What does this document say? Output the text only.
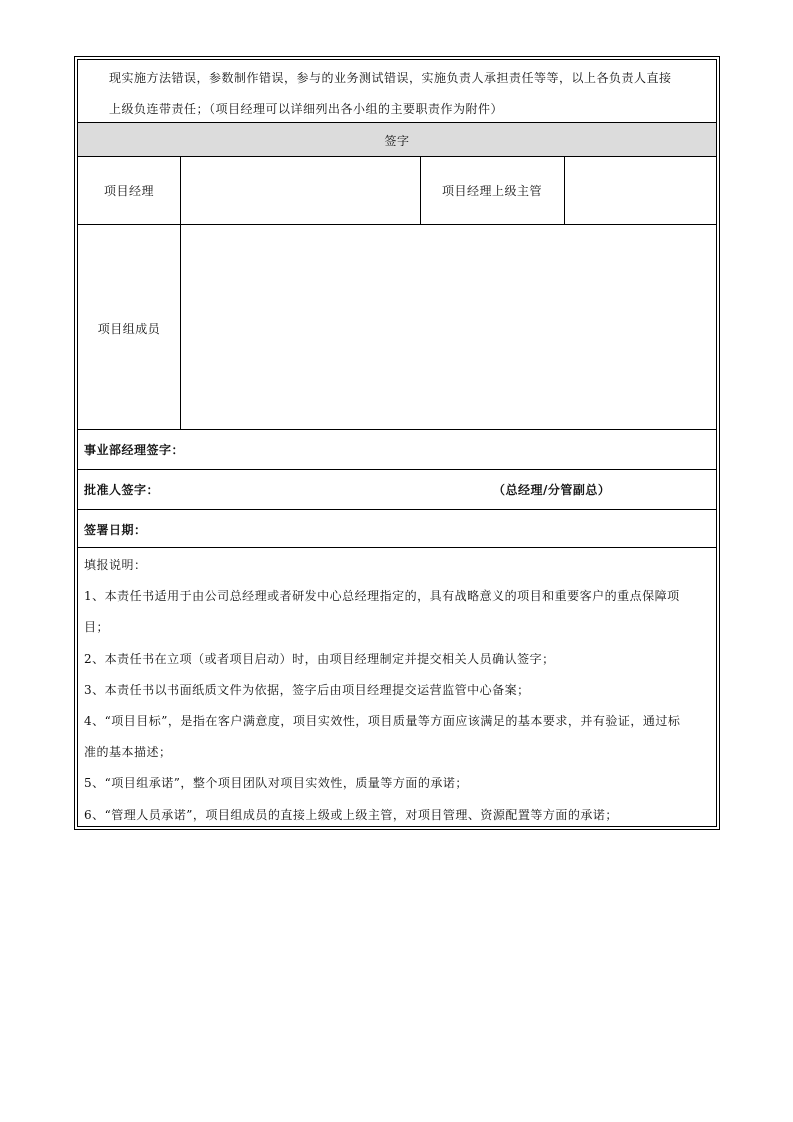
现实施方法错误，参数制作错误，参与的业务测试错误，实施负责人承担责任等等，以上各负责人直接
上级负连带责任；（项目经理可以详细列出各小组的主要职责作为附件）
签字
项目经理	项目经理上级主管
项目组成员
事业部经理签字：
批准人签字：	（总经理/分管副总）
签署日期：
填报说明：
1、本责任书适用于由公司总经理或者研发中心总经理指定的，具有战略意义的项目和重要客户的重点保障项
目；
2、本责任书在立项（或者项目启动）时，由项目经理制定并提交相关人员确认签字；
3、本责任书以书面纸质文件为依据，签字后由项目经理提交运营监管中心备案；
4、“项目目标”，是指在客户满意度，项目实效性，项目质量等方面应该满足的基本要求，并有验证，通过标
准的基本描述；
5、“项目组承诺”，整个项目团队对项目实效性，质量等方面的承诺；
6、“管理人员承诺”，项目组成员的直接上级或上级主管，对项目管理、资源配置等方面的承诺；
